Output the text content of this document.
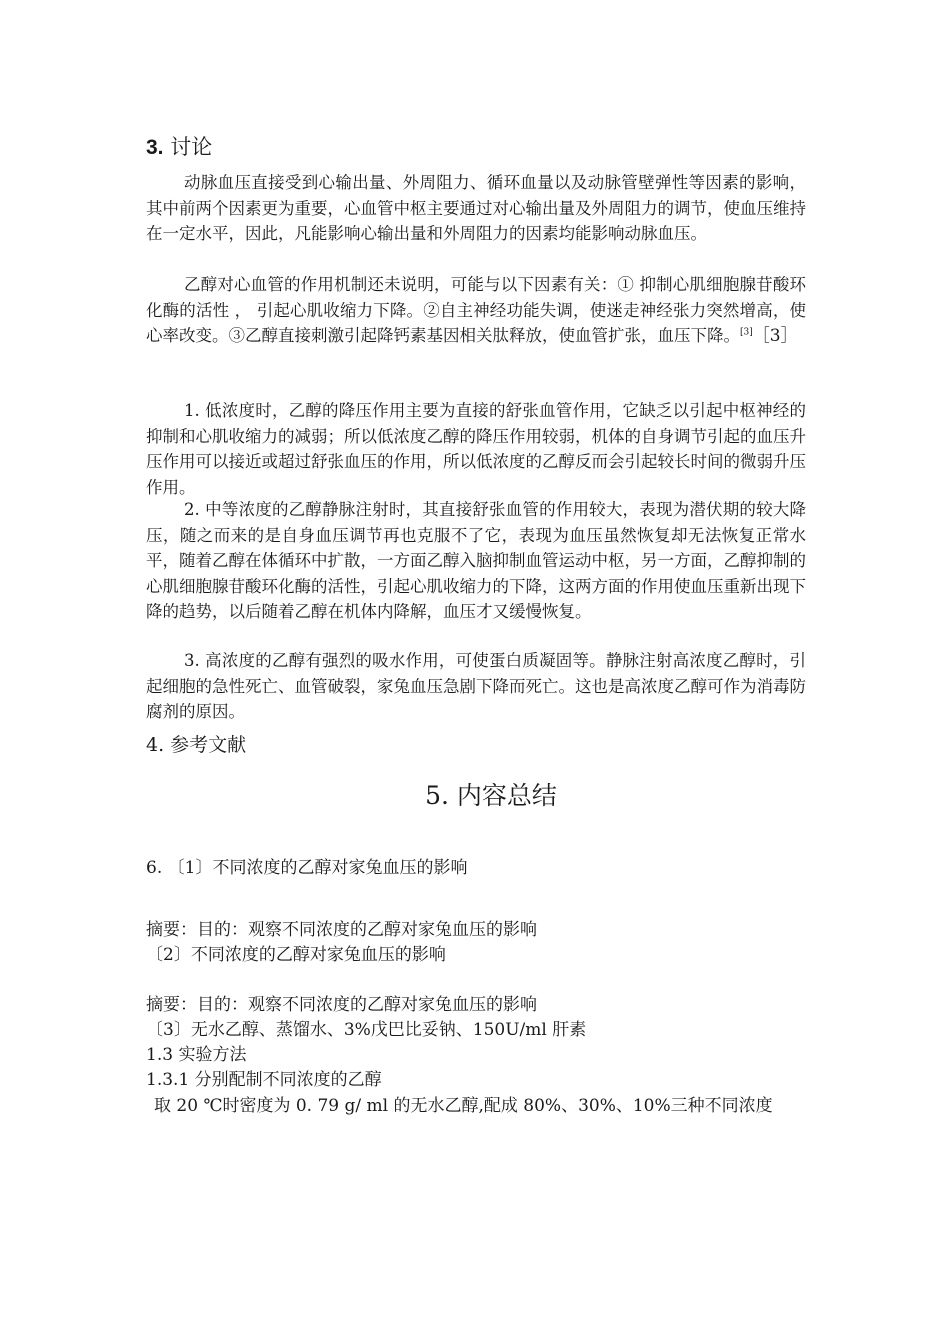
3. 讨论

动脉血压直接受到心输出量、外周阻力、循环血量以及动脉管壁弹性等因素的影响，其中前两个因素更为重要，心血管中枢主要通过对心输出量及外周阻力的调节，使血压维持在一定水平，因此，凡能影响心输出量和外周阻力的因素均能影响动脉血压。

乙醇对心血管的作用机制还未说明，可能与以下因素有关：① 抑制心肌细胞腺苷酸环化酶的活性 ， 引起心肌收缩力下降。②自主神经功能失调，使迷走神经张力突然增高，使心率改变。③乙醇直接刺激引起降钙素基因相关肽释放，使血管扩张，血压下降。[3]［3］

1. 低浓度时，乙醇的降压作用主要为直接的舒张血管作用，它缺乏以引起中枢神经的抑制和心肌收缩力的减弱；所以低浓度乙醇的降压作用较弱，机体的自身调节引起的血压升压作用可以接近或超过舒张血压的作用，所以低浓度的乙醇反而会引起较长时间的微弱升压作用。

2. 中等浓度的乙醇静脉注射时，其直接舒张血管的作用较大，表现为潜伏期的较大降压，随之而来的是自身血压调节再也克服不了它，表现为血压虽然恢复却无法恢复正常水平，随着乙醇在体循环中扩散，一方面乙醇入脑抑制血管运动中枢，另一方面，乙醇抑制的心肌细胞腺苷酸环化酶的活性，引起心肌收缩力的下降，这两方面的作用使血压重新出现下降的趋势，以后随着乙醇在机体内降解，血压才又缓慢恢复。

3. 高浓度的乙醇有强烈的吸水作用，可使蛋白质凝固等。静脉注射高浓度乙醇时，引起细胞的急性死亡、血管破裂，家兔血压急剧下降而死亡。这也是高浓度乙醇可作为消毒防腐剂的原因。

4. 参考文献
5. 内容总结
6. 〔1〕不同浓度的乙醇对家兔血压的影响
摘要：目的：观察不同浓度的乙醇对家兔血压的影响
〔2〕不同浓度的乙醇对家兔血压的影响
摘要：目的：观察不同浓度的乙醇对家兔血压的影响
〔3〕无水乙醇、蒸馏水、3%戊巴比妥钠、150U/ml 肝素
1.3 实验方法
1.3.1 分别配制不同浓度的乙醇
取 20 ℃时密度为 0. 79 g/ ml 的无水乙醇,配成 80%、30%、10%三种不同浓度
